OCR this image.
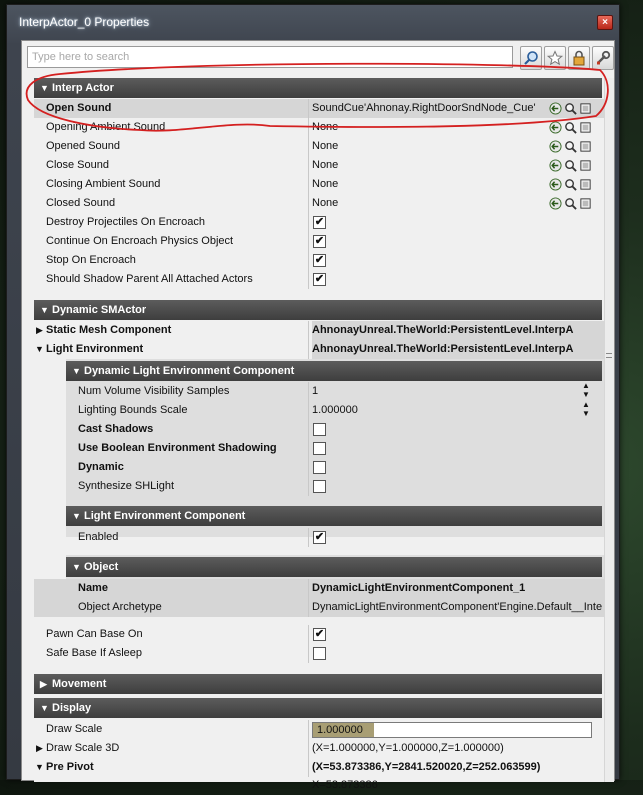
InterpActor_0 Properties	×
Type here to search
▼ Interp Actor
Open Sound	SoundCue'Ahnonay.RightDoorSndNode_Cue'
Opening Ambient Sound	None
Opened Sound	None
Close Sound	None
Closing Ambient Sound	None
Closed Sound	None
Destroy Projectiles On Encroach	✔
Continue On Encroach Physics Object	✔
Stop On Encroach	✔
Should Shadow Parent All Attached Actors	✔
▼ Dynamic SMActor
▶ Static Mesh Component	AhnonayUnreal.TheWorld:PersistentLevel.InterpA
▼ Light Environment	AhnonayUnreal.TheWorld:PersistentLevel.InterpA
▼ Dynamic Light Environment Component
Num Volume Visibility Samples	1
▲ ▼
Lighting Bounds Scale	1.000000
▲ ▼
Cast Shadows
Use Boolean Environment Shadowing
Dynamic
Synthesize SHLight
▼ Light Environment Component
Enabled	✔
▼ Object
Name	DynamicLightEnvironmentComponent_1
Object Archetype	DynamicLightEnvironmentComponent'Engine.Default__Inte
Pawn Can Base On	✔
Safe Base If Asleep
▶ Movement
▼ Display
Draw Scale	1.000000
▶ Draw Scale 3D	(X=1.000000,Y=1.000000,Z=1.000000)
▼ Pre Pivot	(X=53.873386,Y=2841.520020,Z=252.063599)
X=53.873386
